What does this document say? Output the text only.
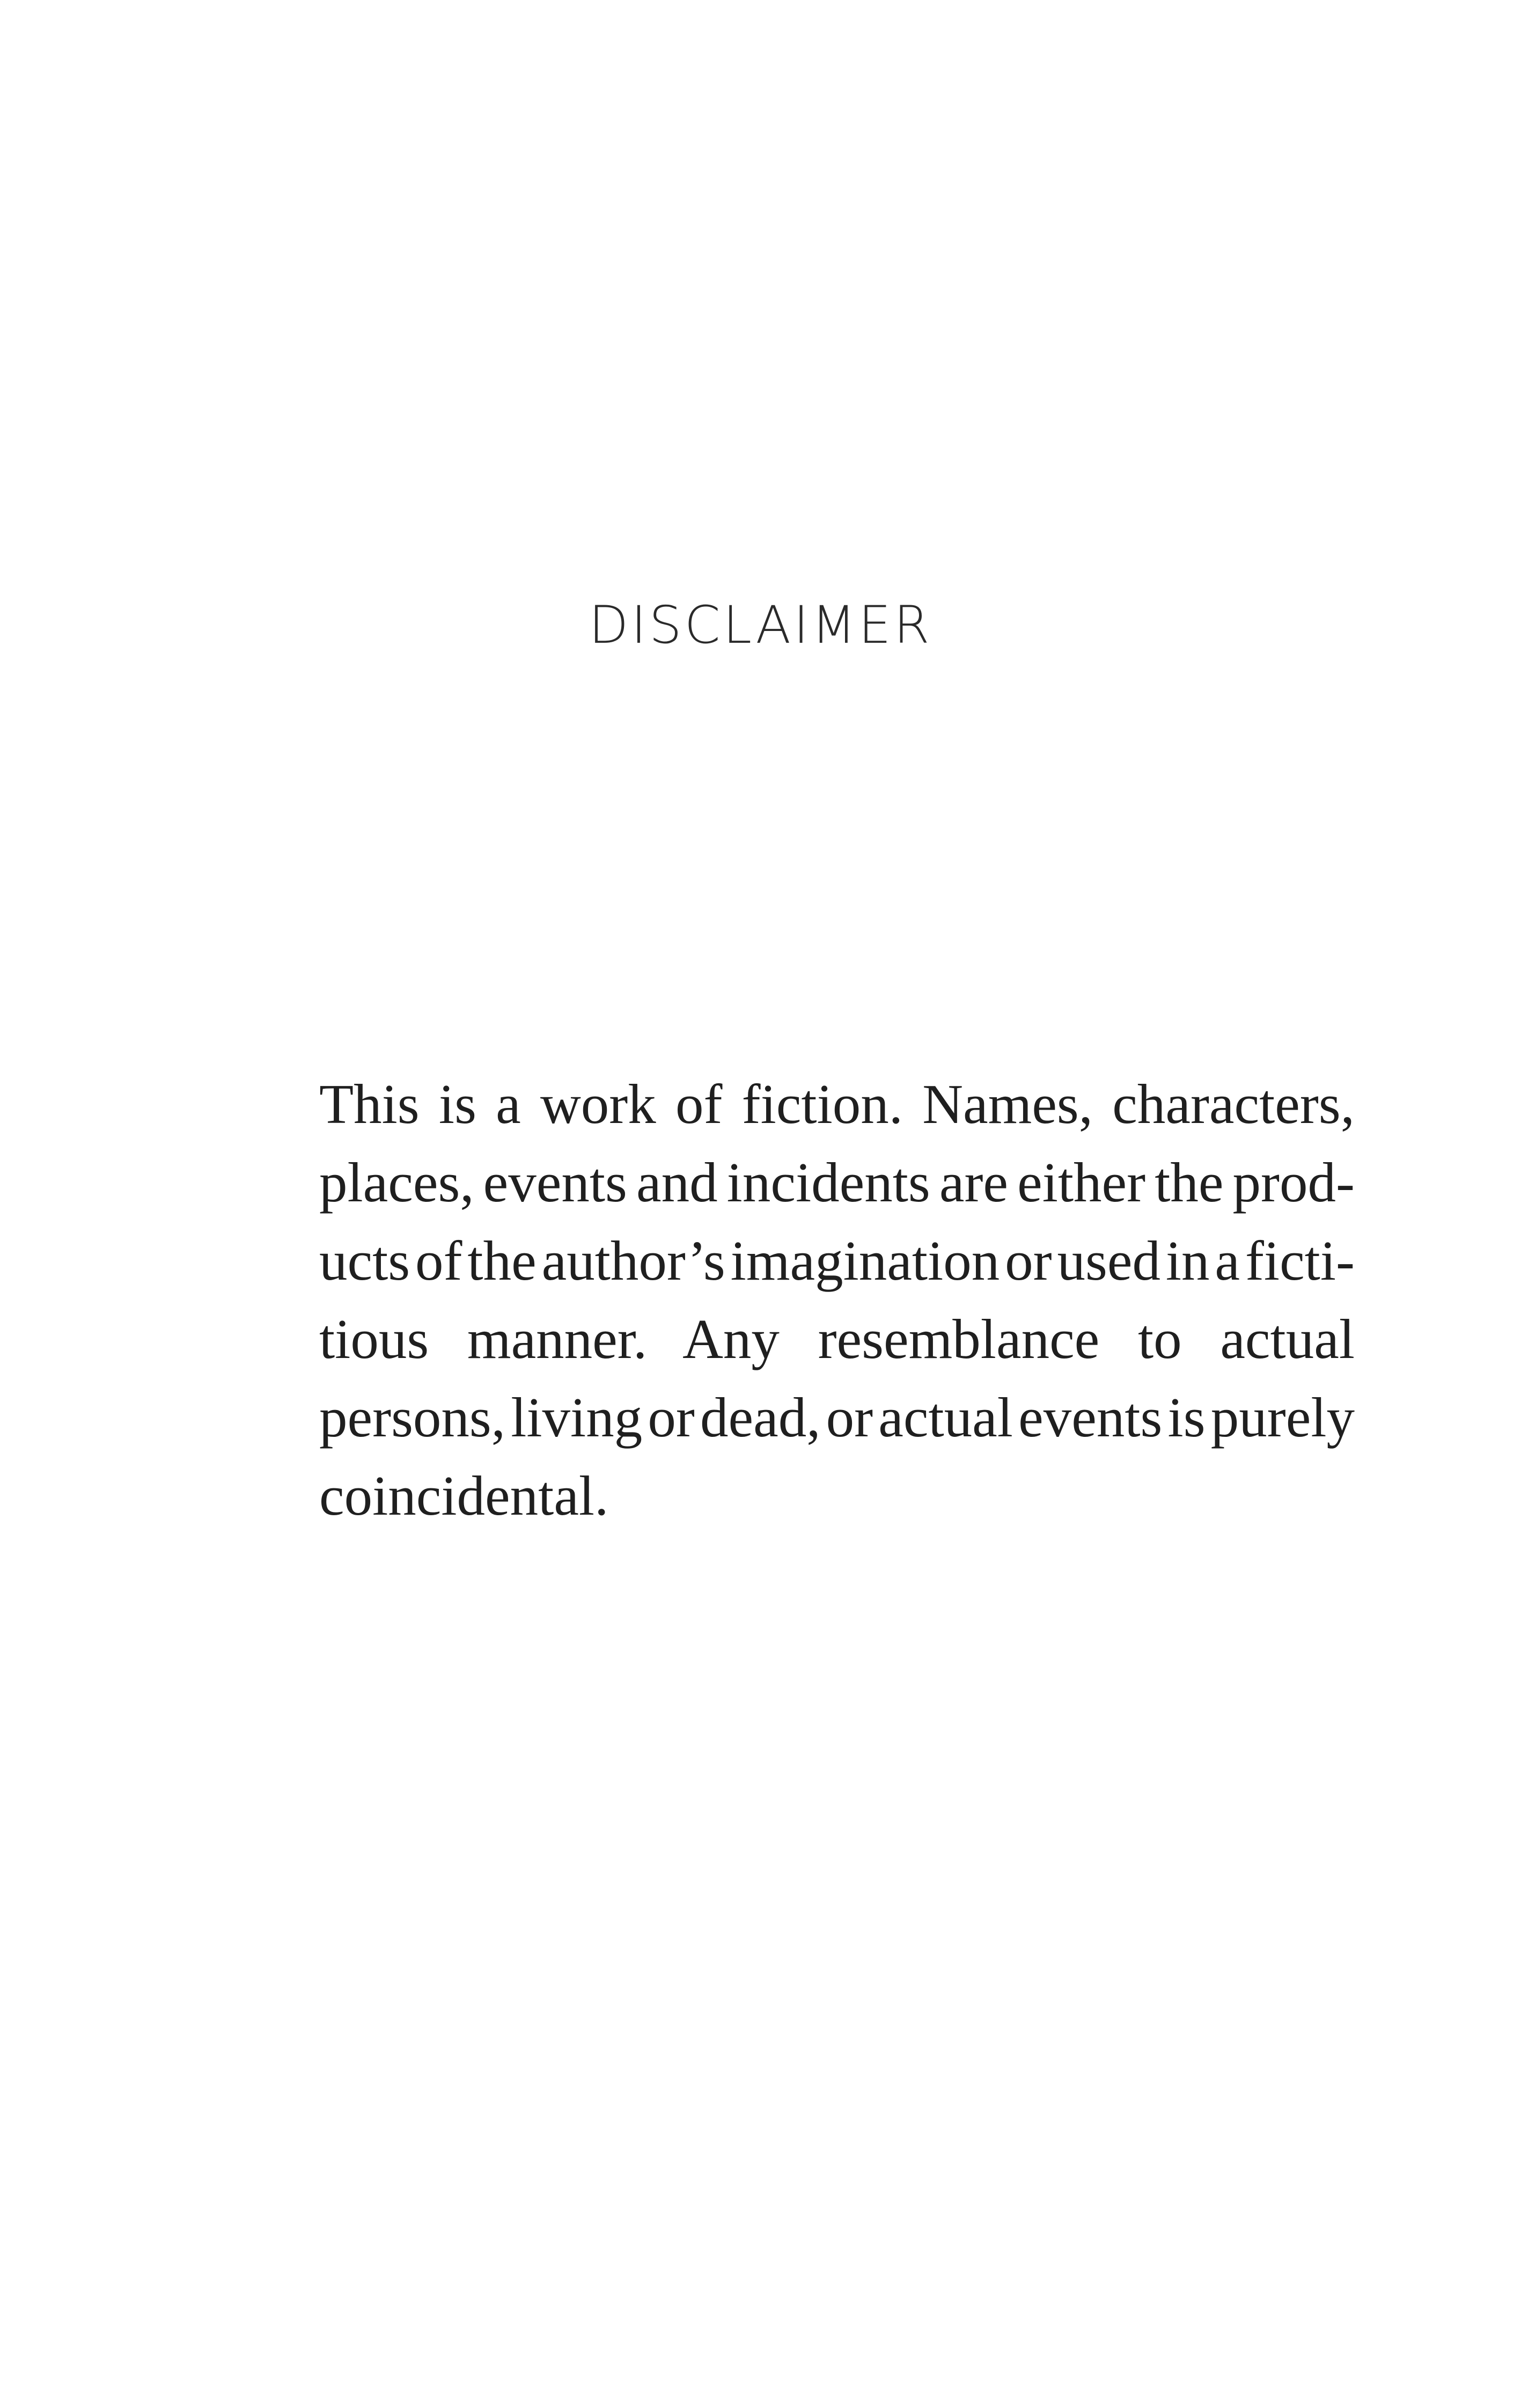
DISCLAIMER
This is a work of fiction. Names, characters,
places, events and incidents are either the prod-
ucts of the author’s imagination or used in a ficti-
tious manner. Any resemblance to actual
persons, living or dead, or actual events is purely
coincidental.
